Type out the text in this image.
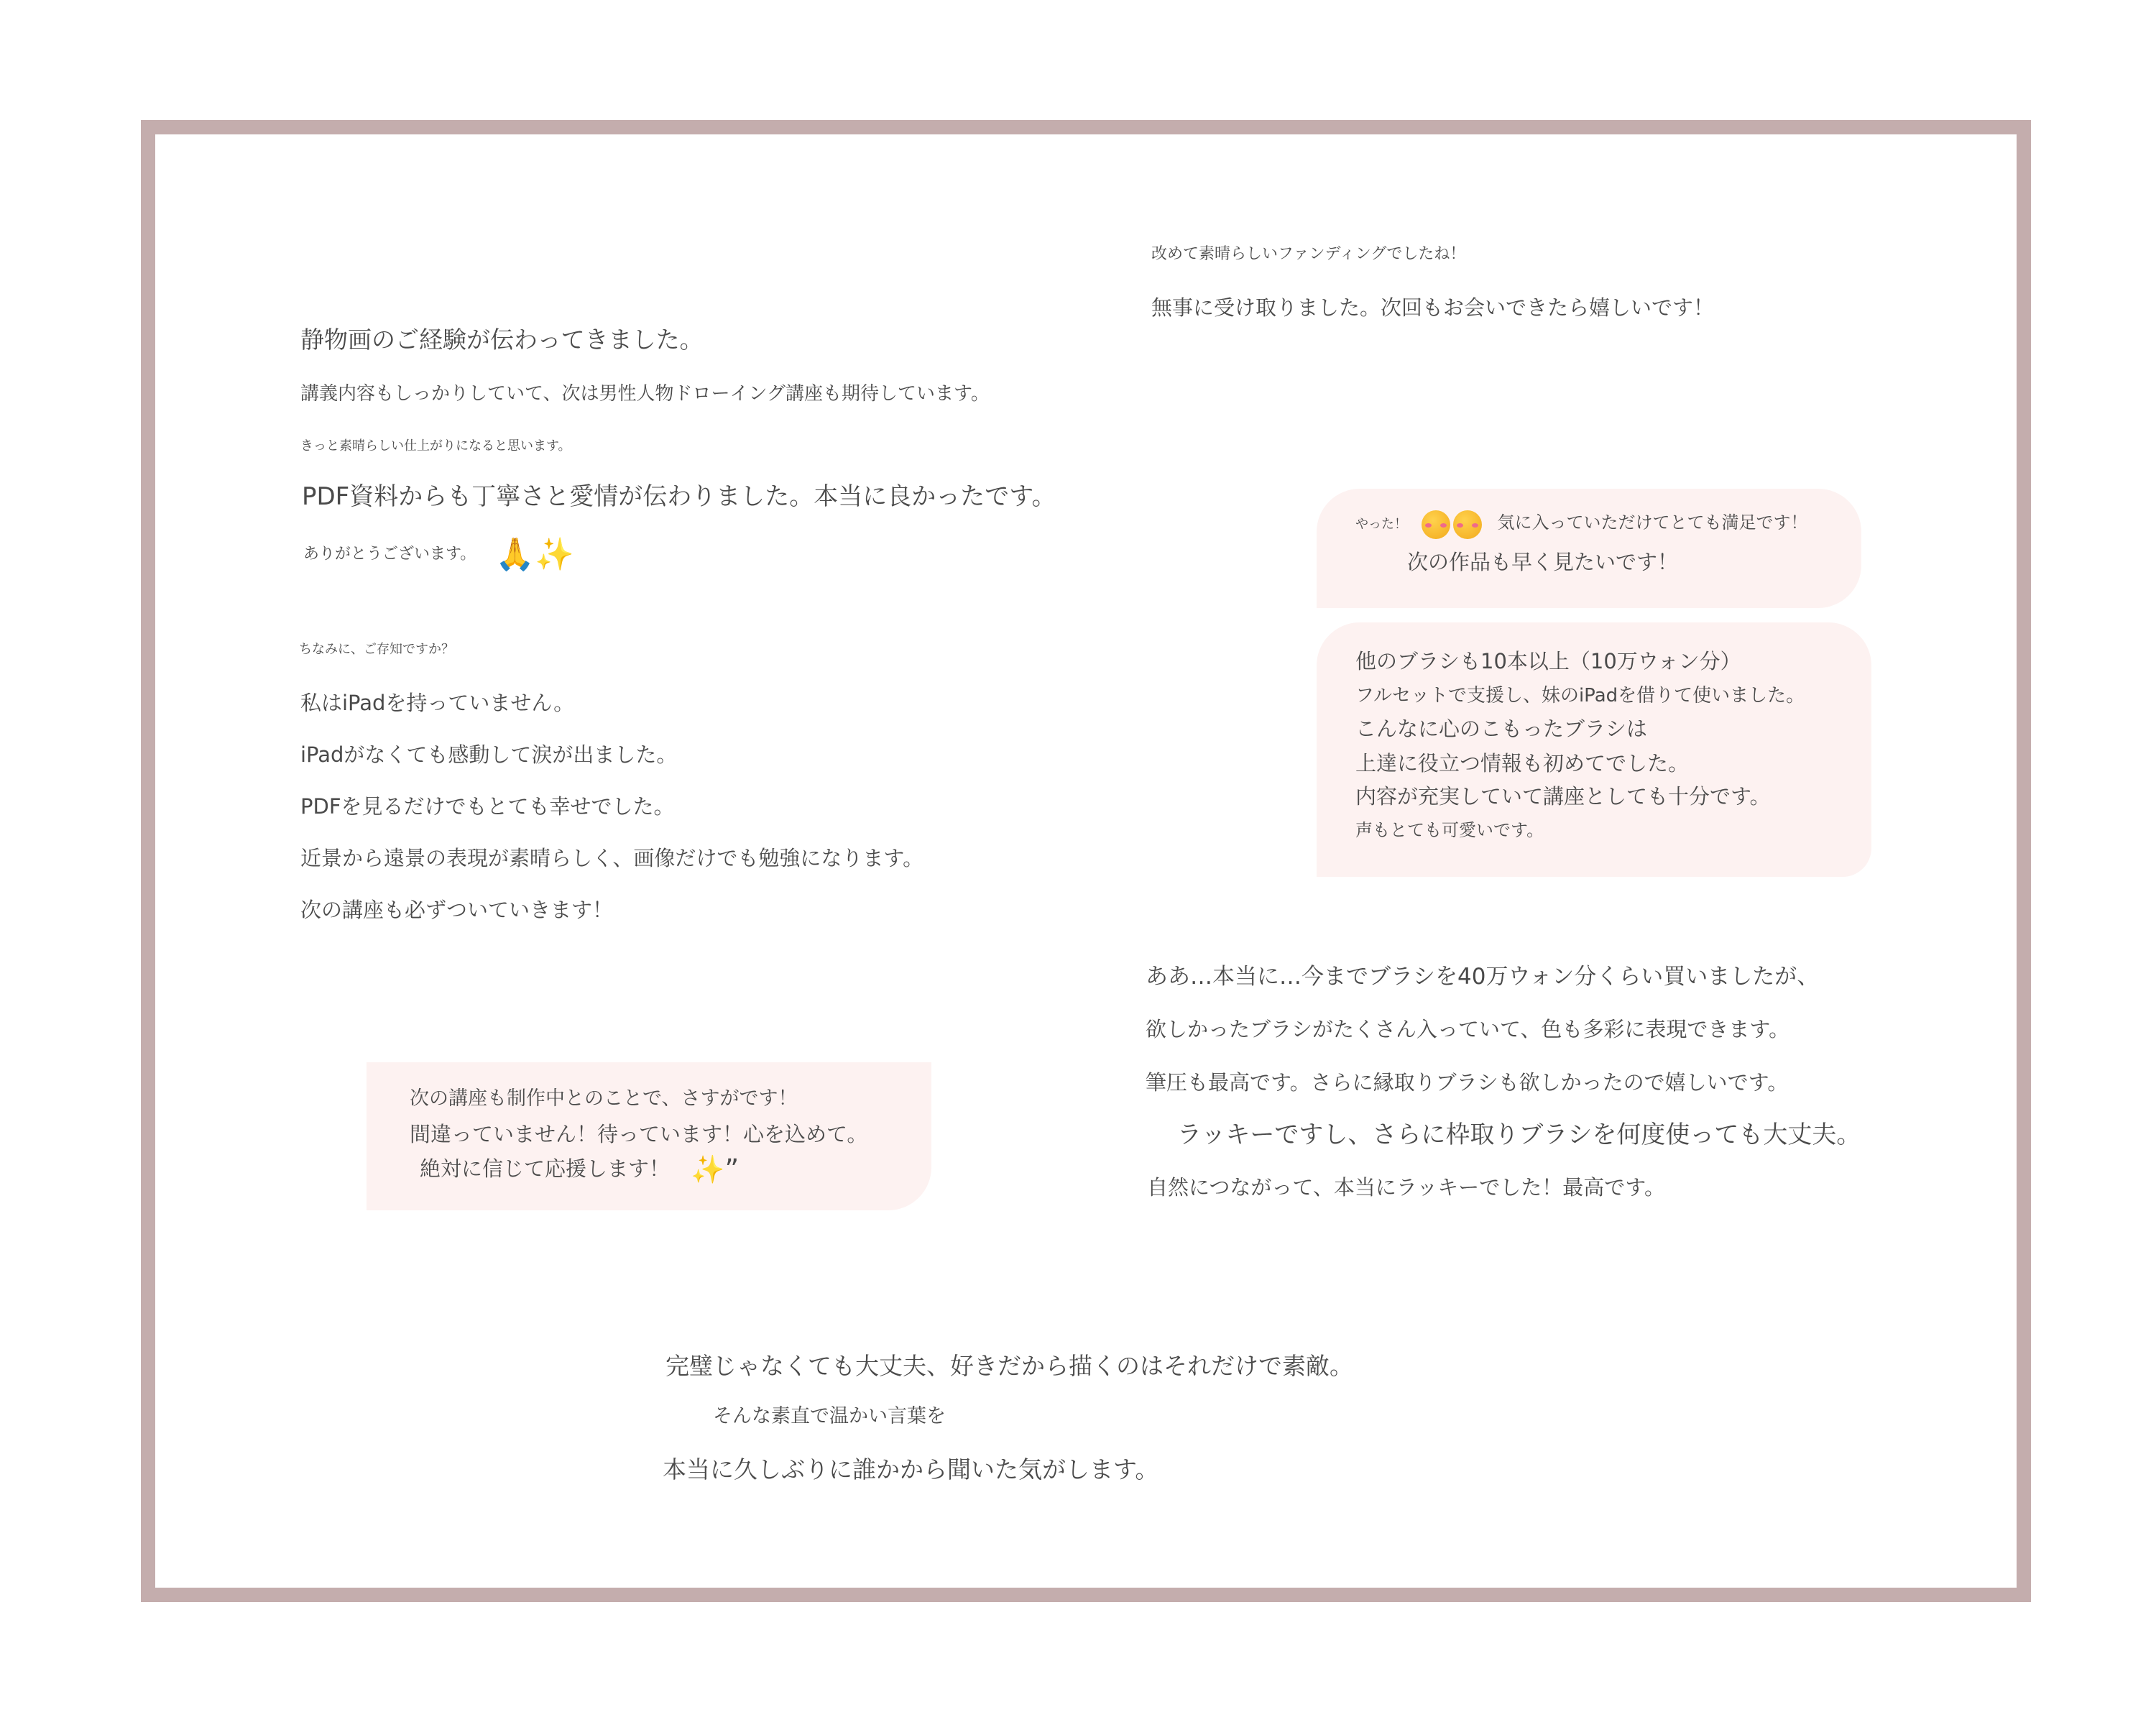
静物画のご経験が伝わってきました。
講義内容もしっかりしていて、次は男性人物ドローイング講座も期待しています。
きっと素晴らしい仕上がりになると思います。
PDF資料からも丁寧さと愛情が伝わりました。本当に良かったです。
ありがとうございます。 🙏✨
ちなみに、ご存知ですか？
私はiPadを持っていません。
iPadがなくても感動して涙が出ました。
PDFを見るだけでもとても幸せでした。
近景から遠景の表現が素晴らしく、画像だけでも勉強になります。
次の講座も必ずついていきます！
次の講座も制作中とのことで、さすがです！
間違っていません！待っています！心を込めて。
絶対に信じて応援します！ ✨”
改めて素晴らしいファンディングでしたね！
無事に受け取りました。次回もお会いできたら嬉しいです！
やった！	気に入っていただけてとても満足です！
次の作品も早く見たいです！
他のブラシも10本以上（10万ウォン分）
フルセットで支援し、妹のiPadを借りて使いました。
こんなに心のこもったブラシは
上達に役立つ情報も初めてでした。
内容が充実していて講座としても十分です。
声もとても可愛いです。
ああ…本当に…今までブラシを40万ウォン分くらい買いましたが、
欲しかったブラシがたくさん入っていて、色も多彩に表現できます。
筆圧も最高です。さらに縁取りブラシも欲しかったので嬉しいです。
ラッキーですし、さらに枠取りブラシを何度使っても大丈夫。
自然につながって、本当にラッキーでした！最高です。
完璧じゃなくても大丈夫、好きだから描くのはそれだけで素敵。
そんな素直で温かい言葉を
本当に久しぶりに誰かから聞いた気がします。
